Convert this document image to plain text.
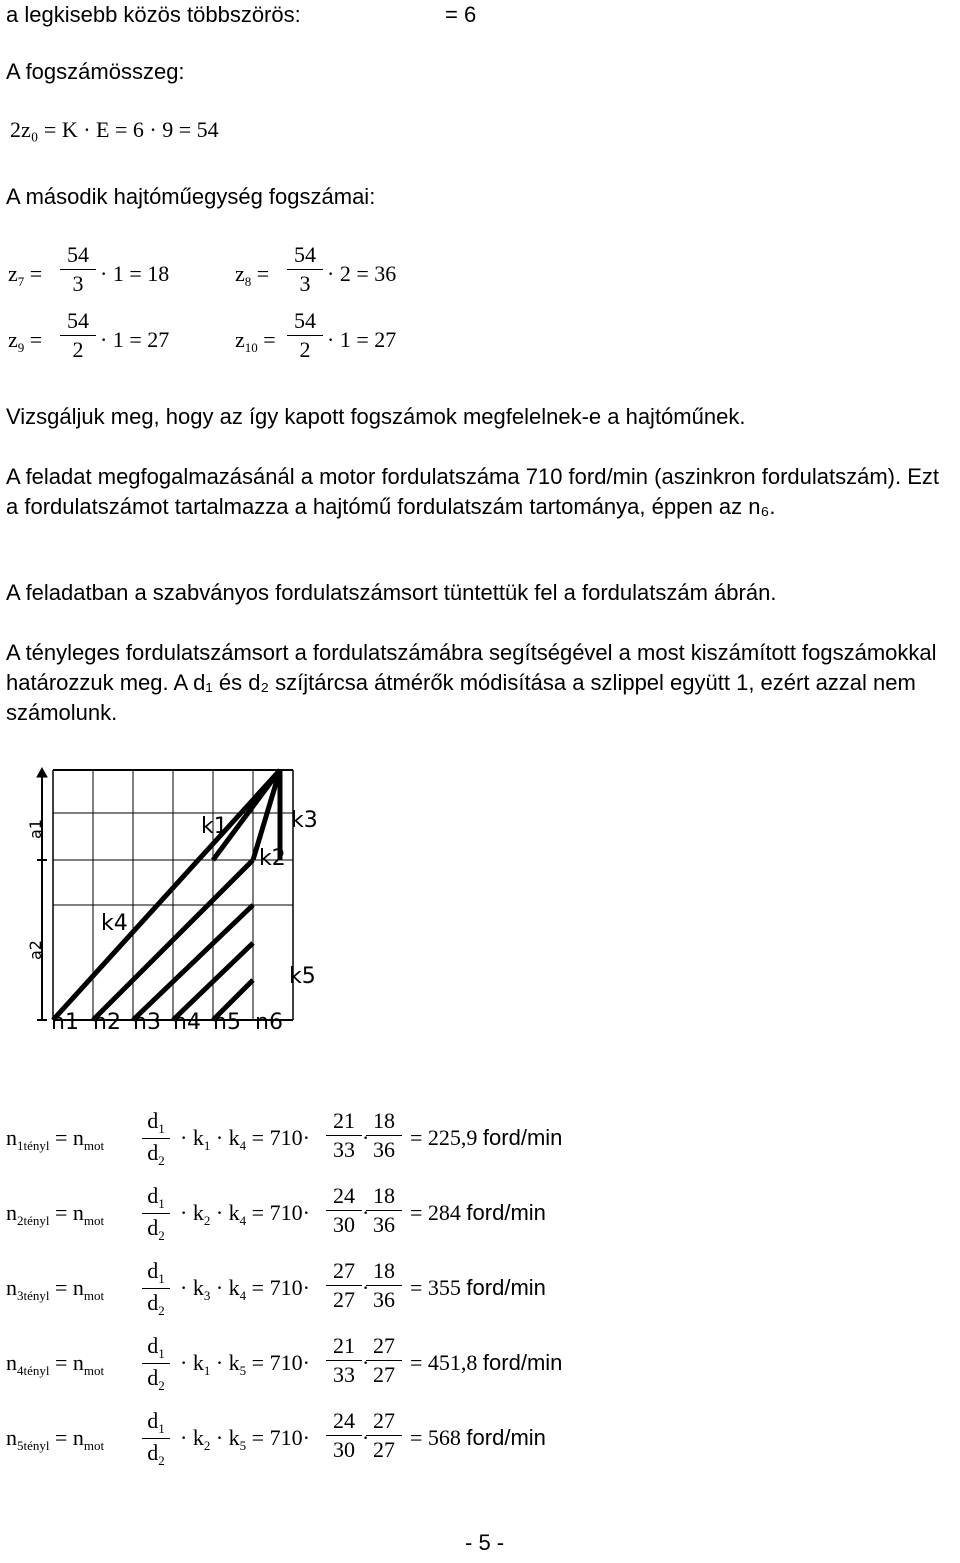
a legkisebb közös többszörös:	= 6
A fogszámösszeg:
2z₀ = K · E = 6 · 9 = 54
A második hajtóműegység fogszámai:
$z_7$ =
54
3 · 1 = 18	$z_8$ =
54
3 · 2 = 36
$z_9$ =
54
2 · 1 = 27	$z_{10}$ =
54
2 · 1 = 27
Vizsgáljuk meg, hogy az így kapott fogszámok megfelelnek-e a hajtóműnek.
A feladat megfogalmazásánál a motor fordulatszáma 710 ford/min (aszinkron fordulatszám). Ezt a fordulatszámot tartalmazza a hajtómű fordulatszám tartománya, éppen az n₆.
A feladatban a szabványos fordulatszámsort tüntettük fel a fordulatszám ábrán.
A tényleges fordulatszámsort a fordulatszámábra segítségével a most kiszámított fogszámokkal határozzuk meg. A d₁ és d₂ szíjtárcsa átmérők módisítása a szlippel együtt 1, ezért azzal nem számolunk.
k1
k2
k3
k4
k5
a1
a2
n1 n2 n3 n4 n5 n6
$n_{1tényl} = n_{mot}$
$d_1$
$d_2$
· $k_1 \cdot k_4 = 710\cdot$
21
33 ·
18
36 = 225,9 ford/min
$n_{2tényl} = n_{mot}$
$d_1$
$d_2$
· $k_2 \cdot k_4 = 710\cdot$
24
30 ·
18
36 = 284 ford/min
$n_{3tényl} = n_{mot}$
$d_1$
$d_2$
· $k_3 \cdot k_4 = 710\cdot$
27
27 ·
18
36 = 355 ford/min
$n_{4tényl} = n_{mot}$
$d_1$
$d_2$
· $k_1 \cdot k_5 = 710\cdot$
21
33 ·
27
27 = 451,8 ford/min
$n_{5tényl} = n_{mot}$
$d_1$
$d_2$
· $k_2 \cdot k_5 = 710\cdot$
24
30 ·
27
27 = 568 ford/min
- 5 -
